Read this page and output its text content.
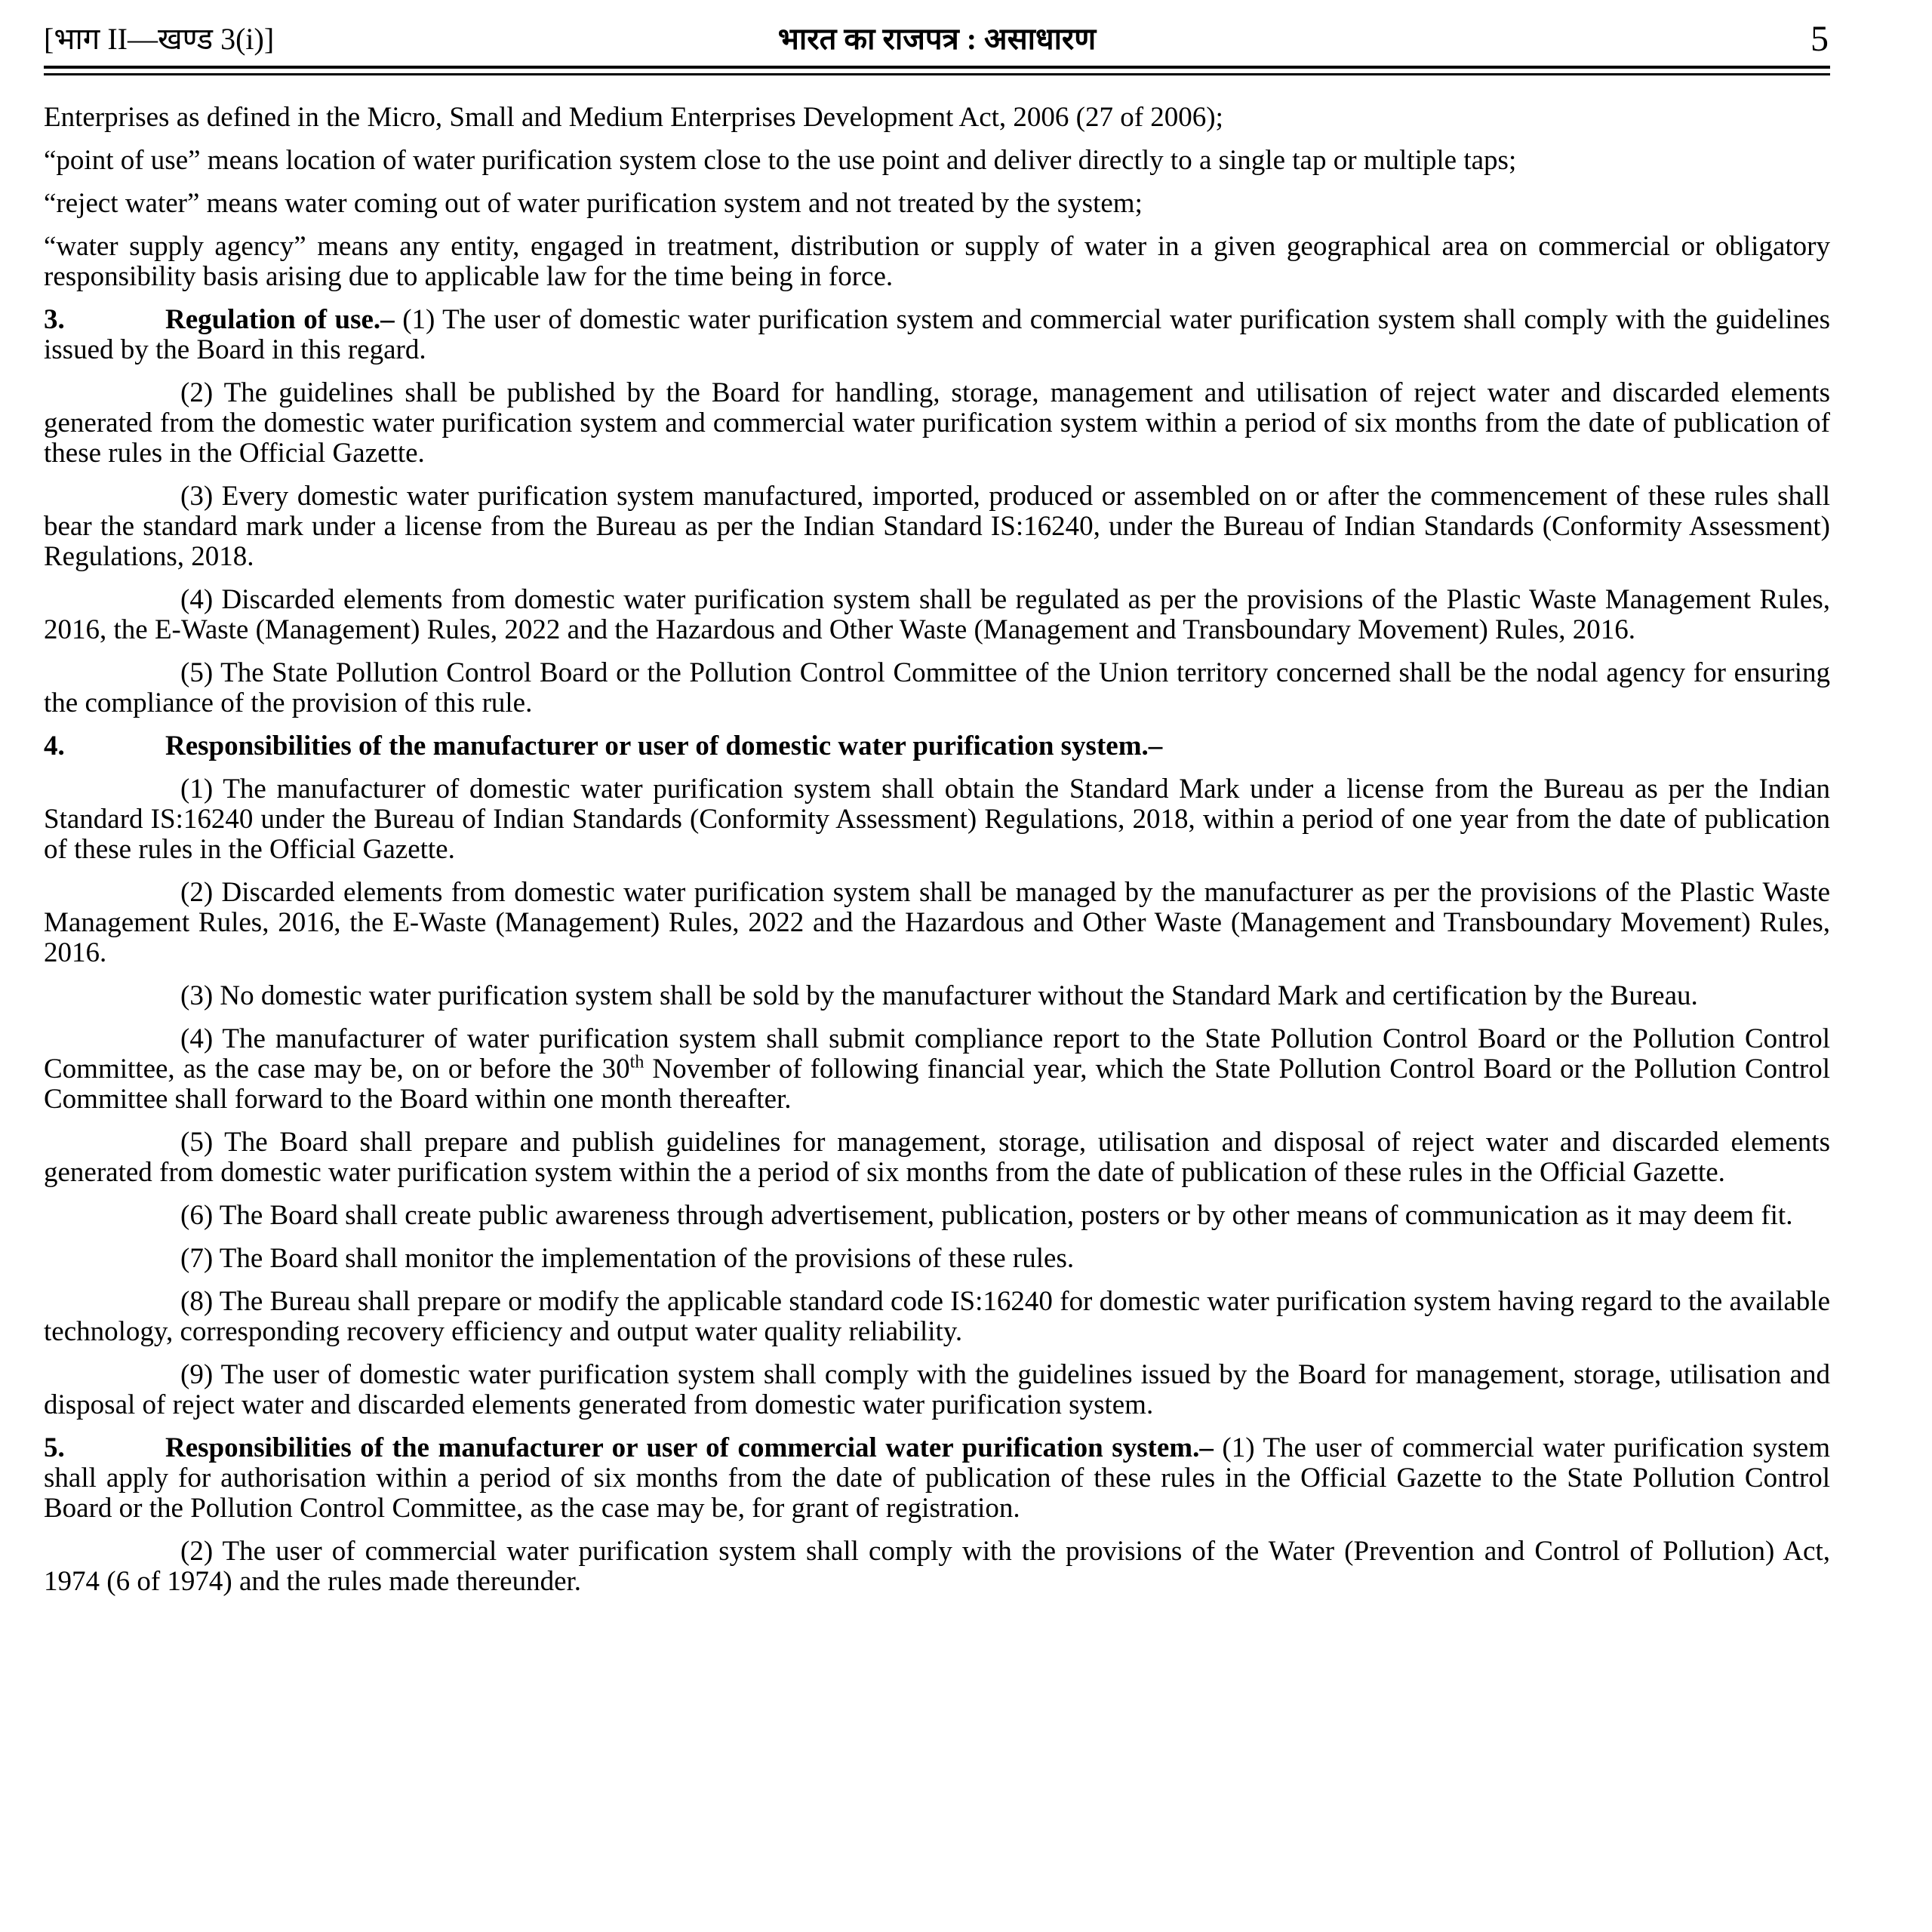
[भाग II—खण्ड 3(i)]	भारत का राजपत्र : असाधारण	5

Enterprises as defined in the Micro, Small and Medium Enterprises Development Act, 2006 (27 of 2006);

“point of use” means location of water purification system close to the use point and deliver directly to a single tap or multiple taps;

“reject water” means water coming out of water purification system and not treated by the system;

“water supply agency” means any entity, engaged in treatment, distribution or supply of water in a given geographical area on commercial or obligatory responsibility basis arising due to applicable law for the time being in force.

3.	Regulation of use.– (1) The user of domestic water purification system and commercial water purification system shall comply with the guidelines issued by the Board in this regard.

(2) The guidelines shall be published by the Board for handling, storage, management and utilisation of reject water and discarded elements generated from the domestic water purification system and commercial water purification system within a period of six months from the date of publication of these rules in the Official Gazette.

(3) Every domestic water purification system manufactured, imported, produced or assembled on or after the commencement of these rules shall bear the standard mark under a license from the Bureau as per the Indian Standard IS:16240, under the Bureau of Indian Standards (Conformity Assessment) Regulations, 2018.

(4) Discarded elements from domestic water purification system shall be regulated as per the provisions of the Plastic Waste Management Rules, 2016, the E-Waste (Management) Rules, 2022 and the Hazardous and Other Waste (Management and Transboundary Movement) Rules, 2016.

(5) The State Pollution Control Board or the Pollution Control Committee of the Union territory concerned shall be the nodal agency for ensuring the compliance of the provision of this rule.

4.	Responsibilities of the manufacturer or user of domestic water purification system.–

(1) The manufacturer of domestic water purification system shall obtain the Standard Mark under a license from the Bureau as per the Indian Standard IS:16240 under the Bureau of Indian Standards (Conformity Assessment) Regulations, 2018, within a period of one year from the date of publication of these rules in the Official Gazette.

(2) Discarded elements from domestic water purification system shall be managed by the manufacturer as per the provisions of the Plastic Waste Management Rules, 2016, the E-Waste (Management) Rules, 2022 and the Hazardous and Other Waste (Management and Transboundary Movement) Rules, 2016.

(3) No domestic water purification system shall be sold by the manufacturer without the Standard Mark and certification by the Bureau.

(4) The manufacturer of water purification system shall submit compliance report to the State Pollution Control Board or the Pollution Control Committee, as the case may be, on or before the 30th November of following financial year, which the State Pollution Control Board or the Pollution Control Committee shall forward to the Board within one month thereafter.

(5) The Board shall prepare and publish guidelines for management, storage, utilisation and disposal of reject water and discarded elements generated from domestic water purification system within the a period of six months from the date of publication of these rules in the Official Gazette.

(6) The Board shall create public awareness through advertisement, publication, posters or by other means of communication as it may deem fit.

(7) The Board shall monitor the implementation of the provisions of these rules.

(8) The Bureau shall prepare or modify the applicable standard code IS:16240 for domestic water purification system having regard to the available technology, corresponding recovery efficiency and output water quality reliability.

(9) The user of domestic water purification system shall comply with the guidelines issued by the Board for management, storage, utilisation and disposal of reject water and discarded elements generated from domestic water purification system.

5.	Responsibilities of the manufacturer or user of commercial water purification system.– (1) The user of commercial water purification system shall apply for authorisation within a period of six months from the date of publication of these rules in the Official Gazette to the State Pollution Control Board or the Pollution Control Committee, as the case may be, for grant of registration.

(2) The user of commercial water purification system shall comply with the provisions of the Water (Prevention and Control of Pollution) Act, 1974 (6 of 1974) and the rules made thereunder.
